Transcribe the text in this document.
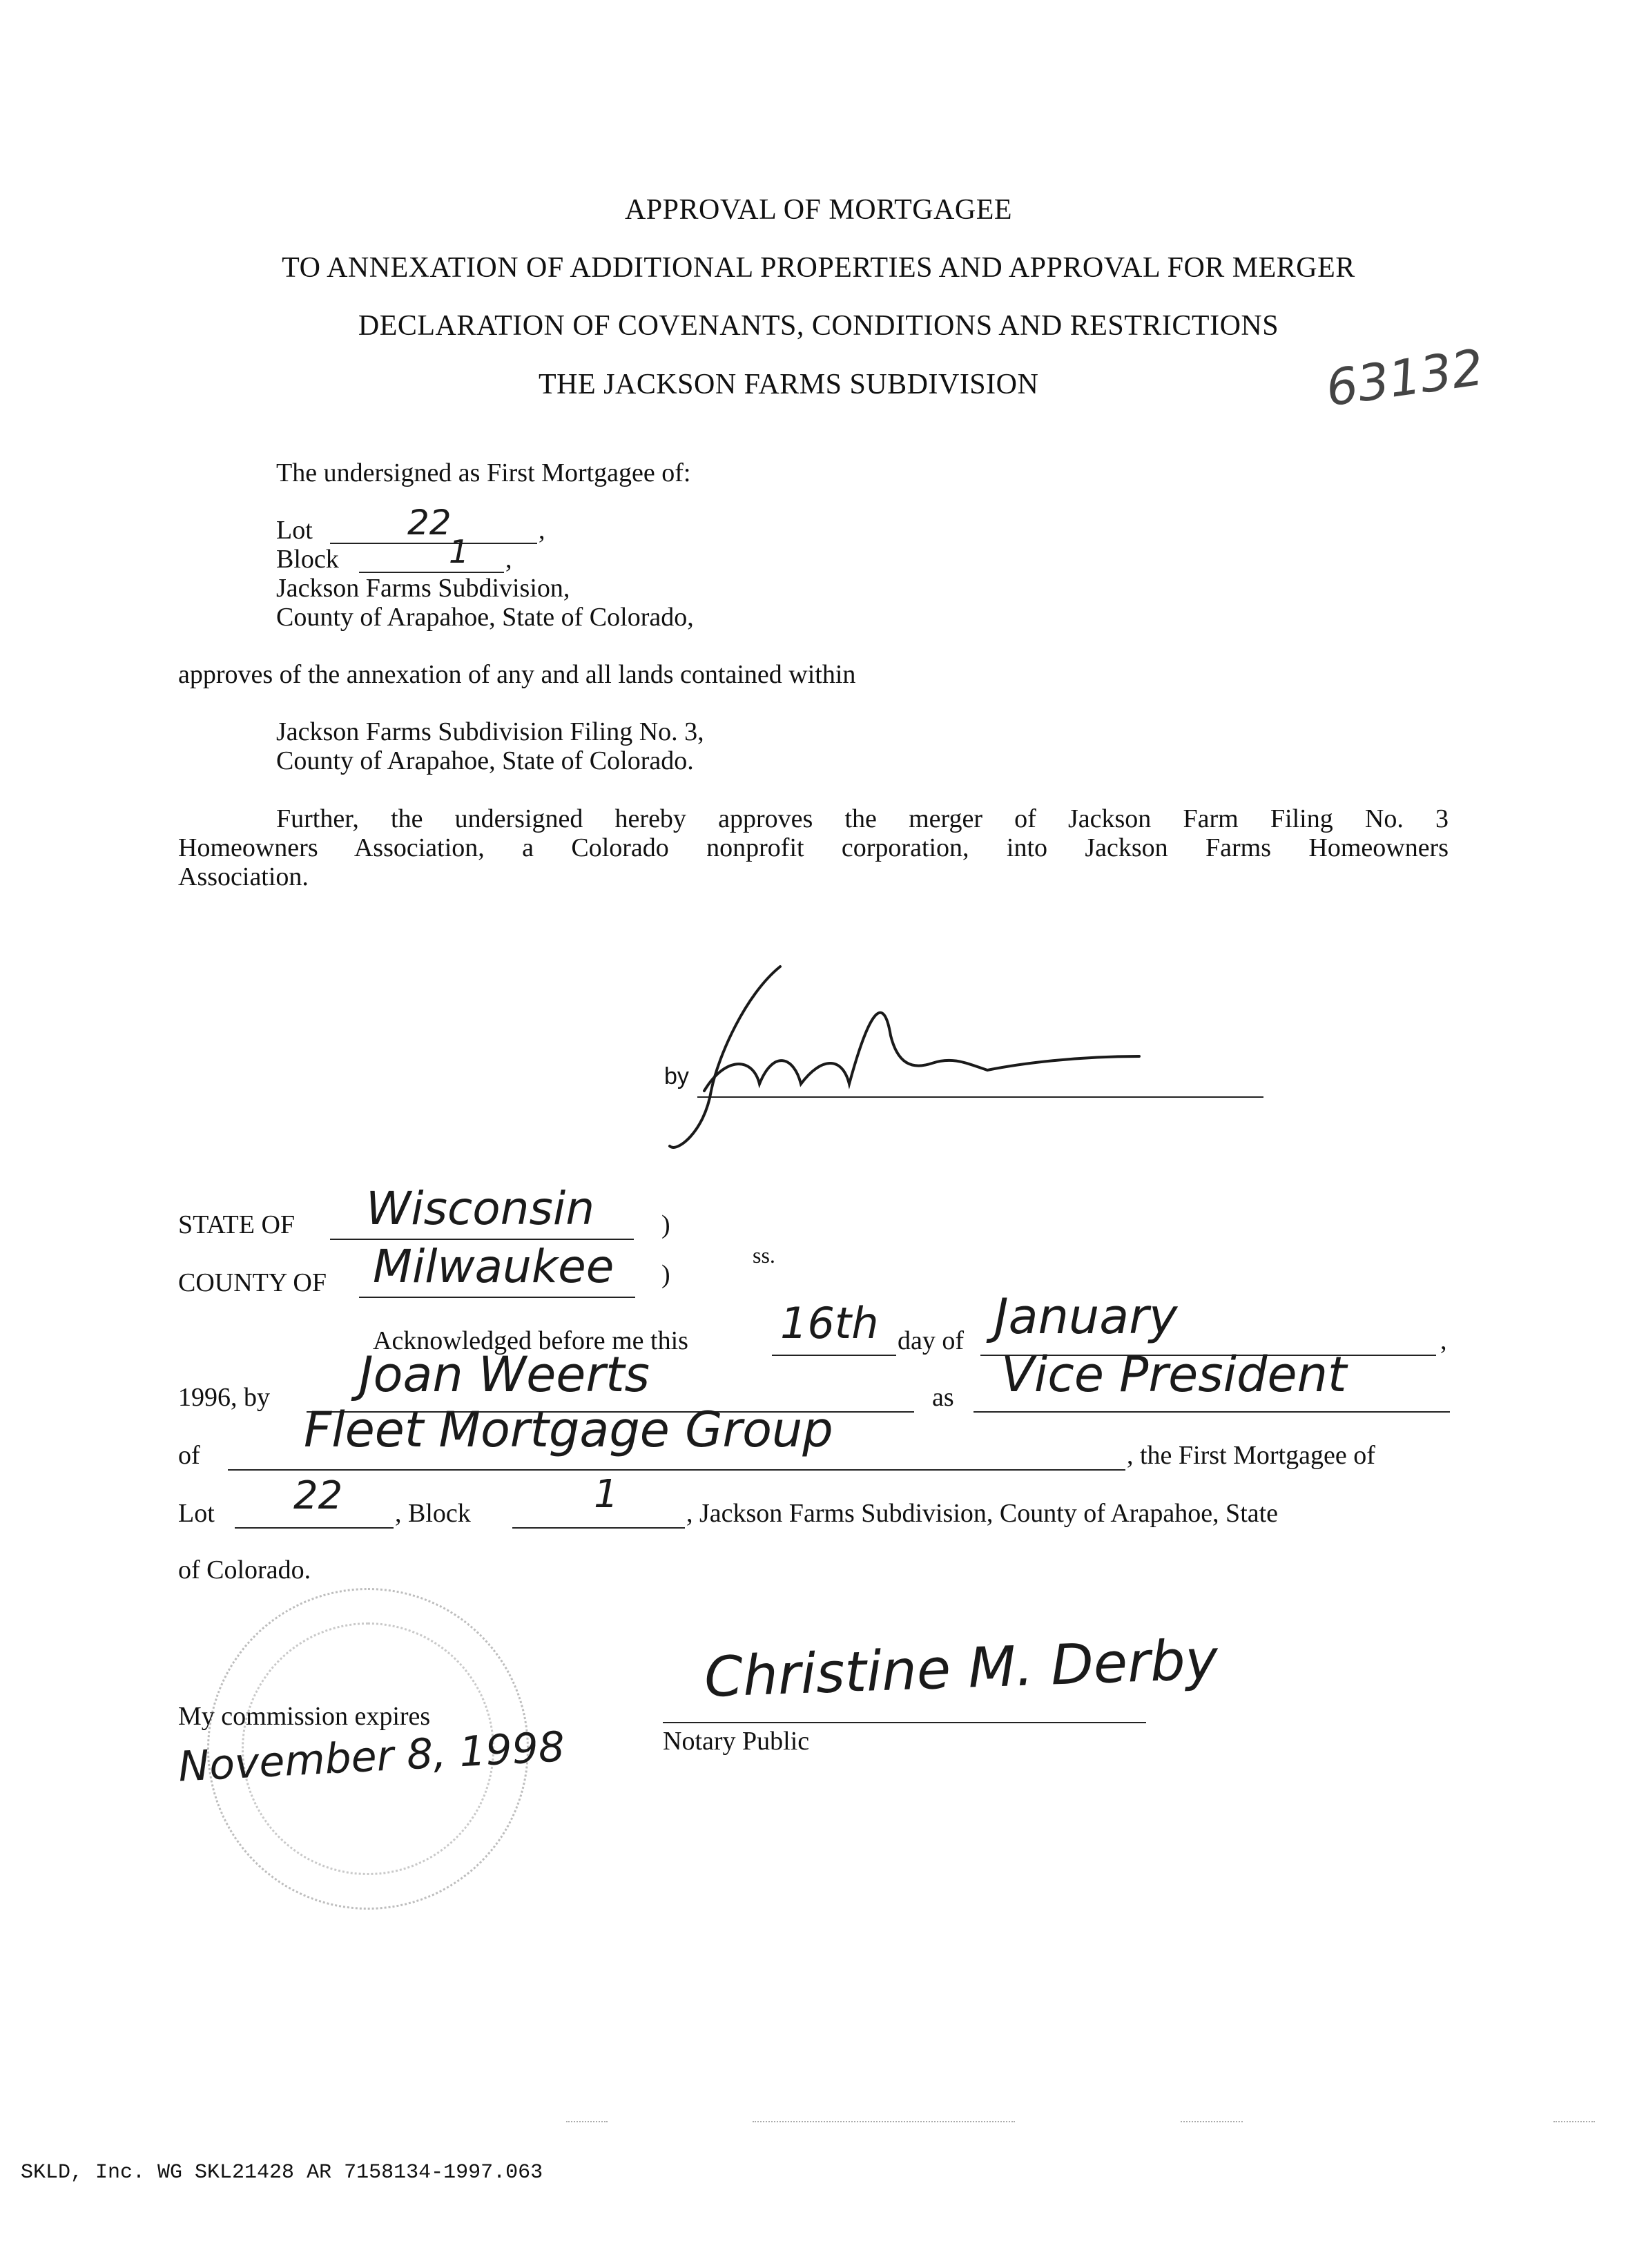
APPROVAL OF MORTGAGEE
TO ANNEXATION OF ADDITIONAL PROPERTIES AND APPROVAL FOR MERGER
DECLARATION OF COVENANTS, CONDITIONS AND RESTRICTIONS
THE JACKSON FARMS SUBDIVISION	63132
The undersigned as First Mortgagee of:
Lot	22	,
Block	1 ,
Jackson Farms Subdivision,
County of Arapahoe, State of Colorado,
approves of the annexation of any and all lands contained within
Jackson Farms Subdivision Filing No. 3,
County of Arapahoe, State of Colorado.
Further, the undersigned hereby approves the merger of Jackson Farm Filing No. 3
Homeowners Association, a Colorado nonprofit corporation, into Jackson Farms Homeowners
Association.
by
STATE OF Wisconsin	)
COUNTY OF Milwaukee )
ss.
Acknowledged before me this 16th day of January	,
1996, by Joan Weerts	as Vice President
of Fleet Mortgage Group	, the First Mortgagee of
Lot 22 , Block	1	, Jackson Farms Subdivision, County of Arapahoe, State
of Colorado.
My commission expires
November 8, 1998
Christine M. Derby
Notary Public
SKLD, Inc. WG SKL21428 AR 7158134-1997.063
